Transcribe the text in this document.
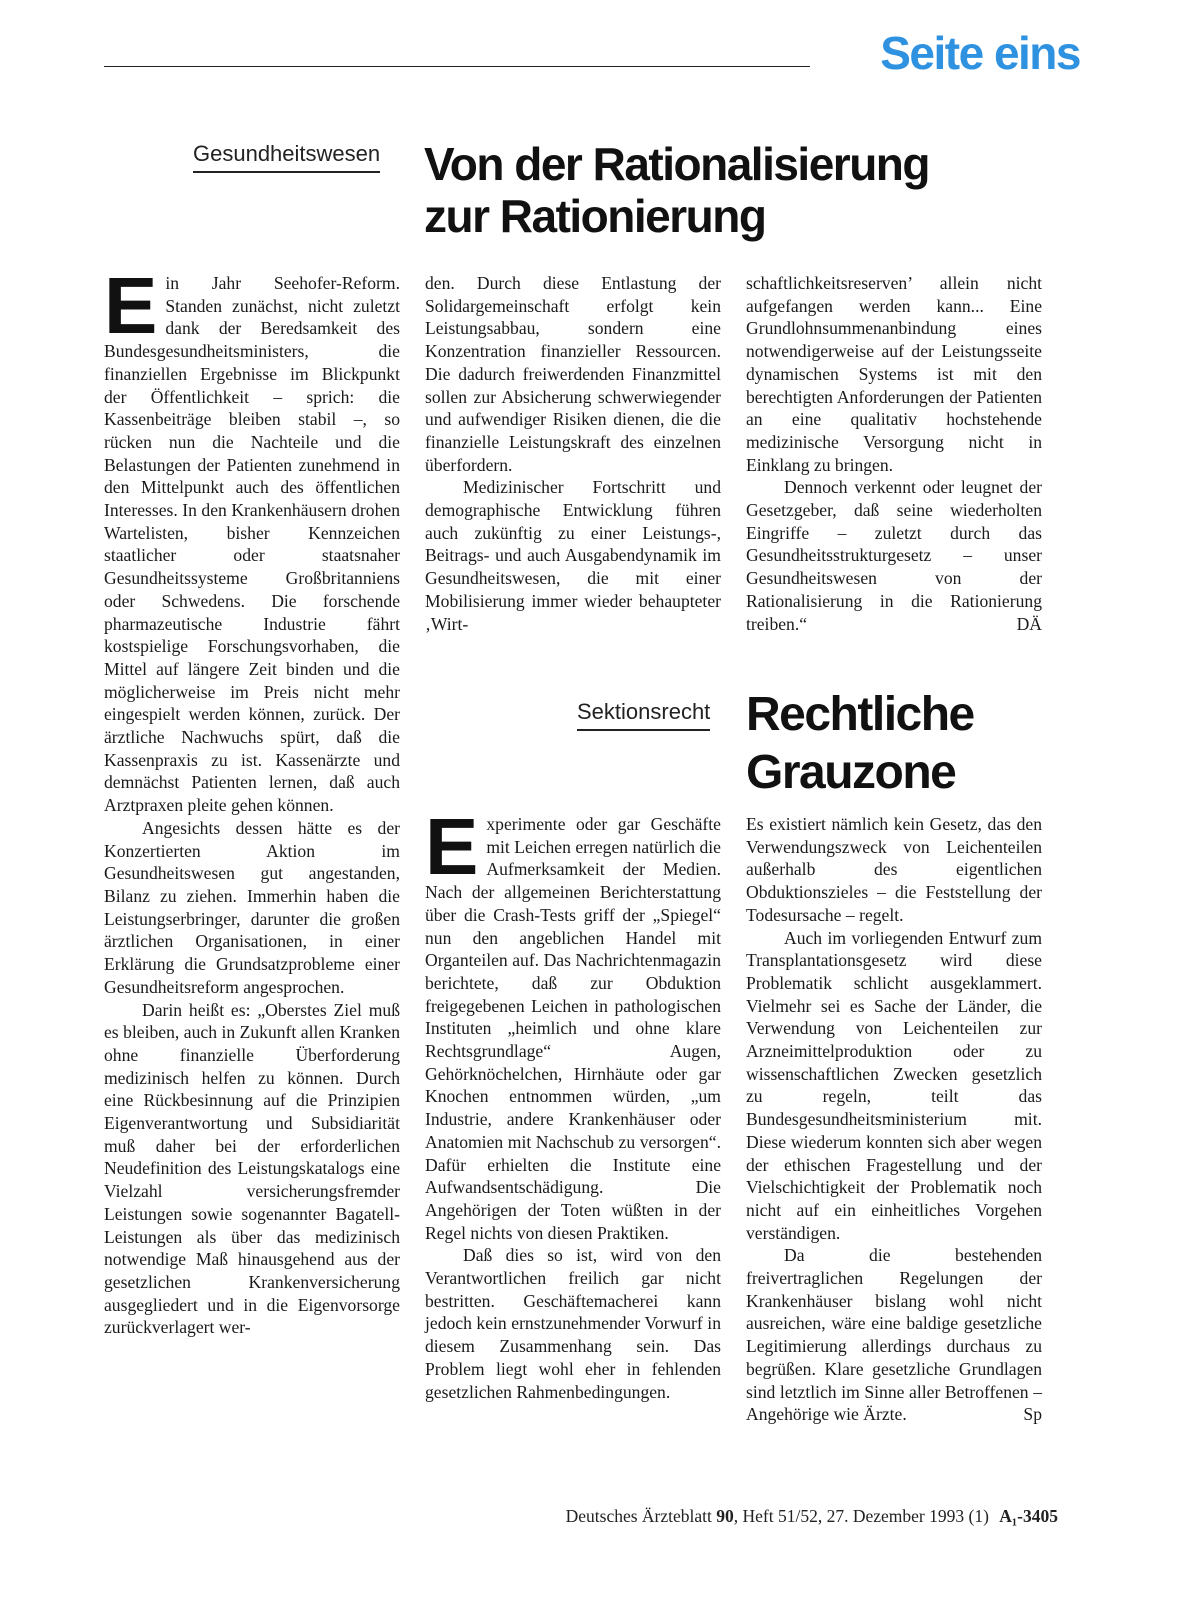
Seite eins
Gesundheitswesen Von der Rationalisierung
zur Rationierung

Ein Jahr Seehofer-Reform. Standen zunächst, nicht zuletzt dank der Beredsamkeit des Bundesgesundheitsministers, die finanziellen Ergebnisse im Blickpunkt der Öffentlichkeit – sprich: die Kassenbeiträge bleiben stabil –, so rücken nun die Nachteile und die Belastungen der Patienten zunehmend in den Mittelpunkt auch des öffentlichen Interesses. In den Krankenhäusern drohen Wartelisten, bisher Kennzeichen staatlicher oder staatsnaher Gesundheitssysteme Großbritanniens oder Schwedens. Die forschende pharmazeutische Industrie fährt kostspielige Forschungsvorhaben, die Mittel auf längere Zeit binden und die möglicherweise im Preis nicht mehr eingespielt werden können, zurück. Der ärztliche Nachwuchs spürt, daß die Kassenpraxis zu ist. Kassenärzte und demnächst Patienten lernen, daß auch Arztpraxen pleite gehen können.

Angesichts dessen hätte es der Konzertierten Aktion im Gesundheitswesen gut angestanden, Bilanz zu ziehen. Immerhin haben die Leistungserbringer, darunter die großen ärztlichen Organisationen, in einer Erklärung die Grundsatzprobleme einer Gesundheitsreform angesprochen.

Darin heißt es: „Oberstes Ziel muß es bleiben, auch in Zukunft allen Kranken ohne finanzielle Überforderung medizinisch helfen zu können. Durch eine Rückbesinnung auf die Prinzipien Eigenverantwortung und Subsidiarität muß daher bei der erforderlichen Neudefinition des Leistungskatalogs eine Vielzahl versicherungsfremder Leistungen sowie sogenannter Bagatell-Leistungen als über das medizinisch notwendige Maß hinausgehend aus der gesetzlichen Krankenversicherung ausgegliedert und in die Eigenvorsorge zurückverlagert wer-

den. Durch diese Entlastung der Solidargemeinschaft erfolgt kein Leistungsabbau, sondern eine Konzentration finanzieller Ressourcen. Die dadurch freiwerdenden Finanzmittel sollen zur Absicherung schwerwiegender und aufwendiger Risiken dienen, die die finanzielle Leistungskraft des einzelnen überfordern.

Medizinischer Fortschritt und demographische Entwicklung führen auch zukünftig zu einer Leistungs-, Beitrags- und auch Ausgabendynamik im Gesundheitswesen, die mit einer Mobilisierung immer wieder behaupteter ‚Wirt-

schaftlichkeitsreserven’ allein nicht aufgefangen werden kann... Eine Grundlohnsummenanbindung eines notwendigerweise auf der Leistungsseite dynamischen Systems ist mit den berechtigten Anforderungen der Patienten an eine qualitativ hochstehende medizinische Versorgung nicht in Einklang zu bringen.

Dennoch verkennt oder leugnet der Gesetzgeber, daß seine wiederholten Eingriffe – zuletzt durch das Gesundheitsstrukturgesetz – unser Gesundheitswesen von der Rationalisierung in die Rationierung treiben.“	DÄ

Sektionsrecht Rechtliche
Grauzone

Experimente oder gar Geschäfte mit Leichen erregen natürlich die Aufmerksamkeit der Medien. Nach der allgemeinen Berichterstattung über die Crash-Tests griff der „Spiegel“ nun den angeblichen Handel mit Organteilen auf. Das Nachrichtenmagazin berichtete, daß zur Obduktion freigegebenen Leichen in pathologischen Instituten „heimlich und ohne klare Rechtsgrundlage“ Augen, Gehörknöchelchen, Hirnhäute oder gar Knochen entnommen würden, „um Industrie, andere Krankenhäuser oder Anatomien mit Nachschub zu versorgen“. Dafür erhielten die Institute eine Aufwandsentschädigung. Die Angehörigen der Toten wüßten in der Regel nichts von diesen Praktiken.

Daß dies so ist, wird von den Verantwortlichen freilich gar nicht bestritten. Geschäftemacherei kann jedoch kein ernstzunehmender Vorwurf in diesem Zusammenhang sein. Das Problem liegt wohl eher in fehlenden gesetzlichen Rahmenbedingungen.

Es existiert nämlich kein Gesetz, das den Verwendungszweck von Leichenteilen außerhalb des eigentlichen Obduktionszieles – die Feststellung der Todesursache – regelt.

Auch im vorliegenden Entwurf zum Transplantationsgesetz wird diese Problematik schlicht ausgeklammert. Vielmehr sei es Sache der Länder, die Verwendung von Leichenteilen zur Arzneimittelproduktion oder zu wissenschaftlichen Zwecken gesetzlich zu regeln, teilt das Bundesgesundheitsministerium mit. Diese wiederum konnten sich aber wegen der ethischen Fragestellung und der Vielschichtigkeit der Problematik noch nicht auf ein einheitliches Vorgehen verständigen.

Da die bestehenden freivertraglichen Regelungen der Krankenhäuser bislang wohl nicht ausreichen, wäre eine baldige gesetzliche Legitimierung allerdings durchaus zu begrüßen. Klare gesetzliche Grundlagen sind letztlich im Sinne aller Betroffenen – Angehörige wie Ärzte.	Sp

Deutsches Ärzteblatt 90, Heft 51/52, 27. Dezember 1993 (1) A₁-3405
